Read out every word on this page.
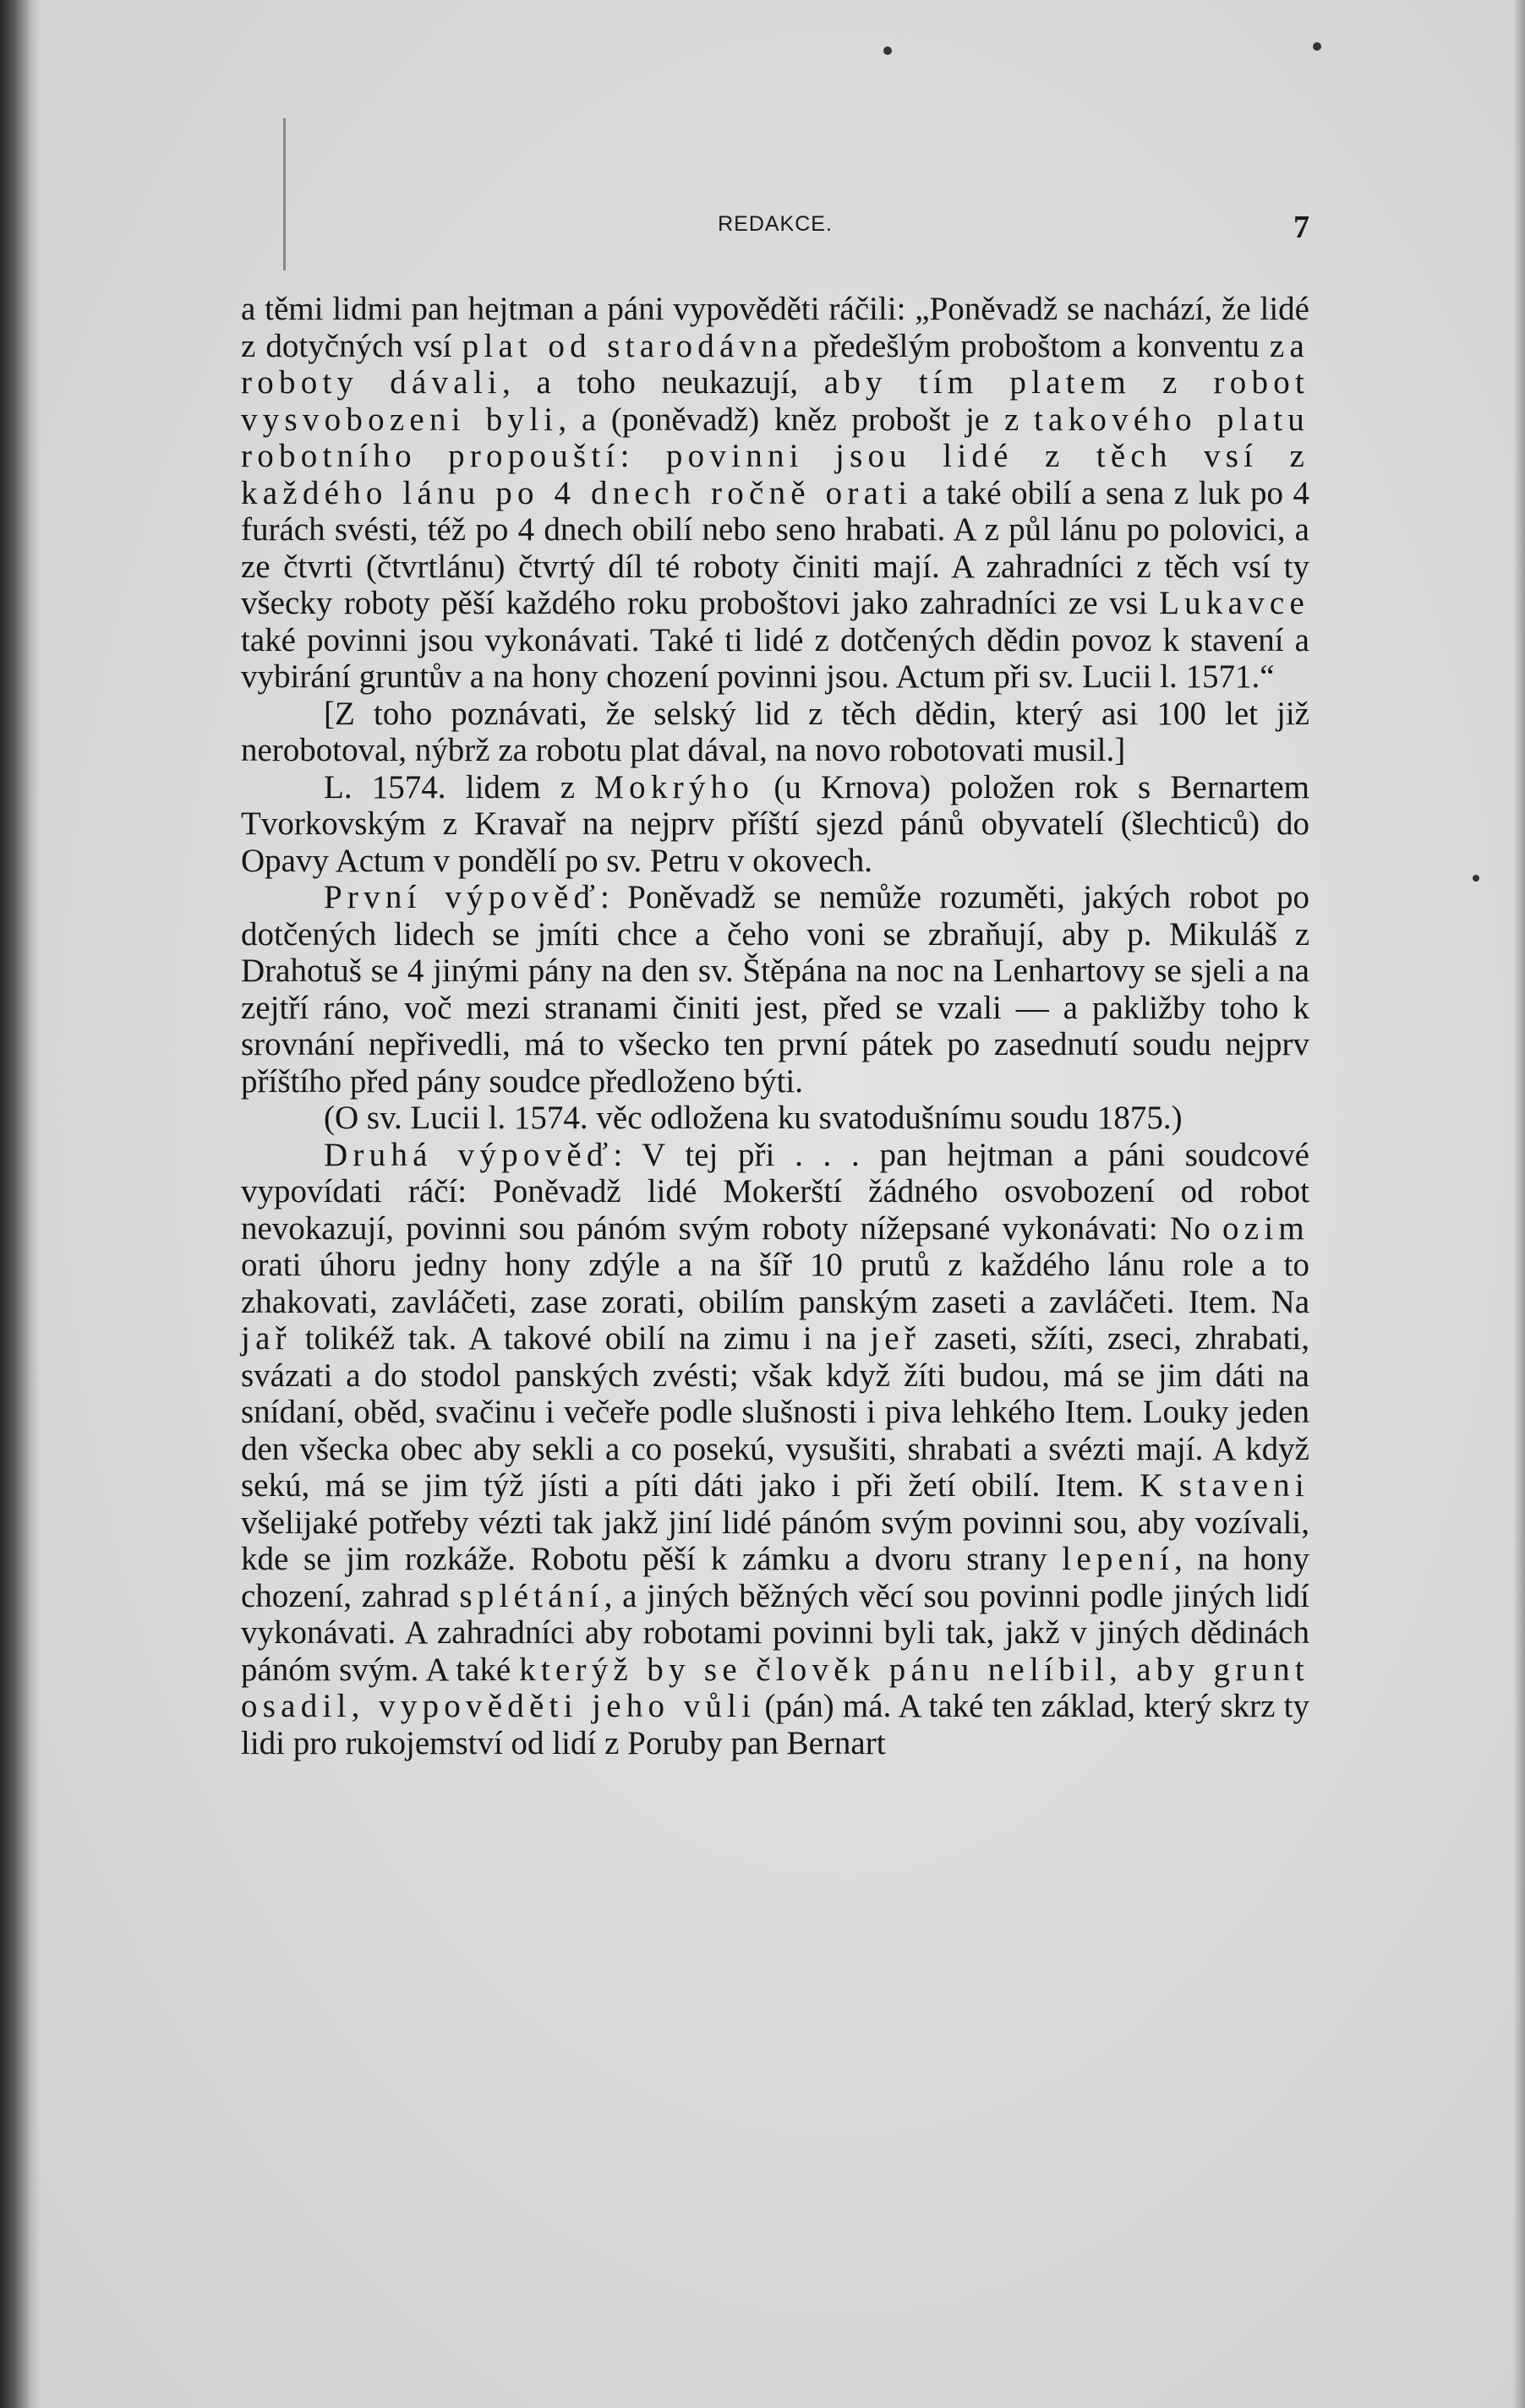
REDAKCE.	7

a těmi lidmi pan hejtman a páni vypověděti ráčili: „Poněvadž se nachází, že lidé z dotyčných vsí plat od starodávna předešlým proboštom a konventu za roboty dávali, a toho neukazují, aby tím platem z robot vysvobozeni byli, a (poněvadž) kněz probošt je z takového platu robotního propouští: povinni jsou lidé z těch vsí z každého lánu po 4 dnech ročně orati a také obilí a sena z luk po 4 furách svésti, též po 4 dnech obilí nebo seno hrabati. A z půl lánu po polovici, a ze čtvrti (čtvrtlánu) čtvrtý díl té roboty činiti mají. A zahradníci z těch vsí ty všecky roboty pěší každého roku proboštovi jako zahradníci ze vsi Lukavce také povinni jsou vykonávati. Také ti lidé z dotčených dědin povoz k stavení a vybirání gruntův a na hony chození povinni jsou. Actum při sv. Lucii l. 1571.“

[Z toho poznávati, že selský lid z těch dědin, který asi 100 let již nerobotoval, nýbrž za robotu plat dával, na novo robotovati musil.]

L. 1574. lidem z Mokrýho (u Krnova) položen rok s Bernartem Tvorkovským z Kravař na nejprv příští sjezd pánů obyvatelí (šlechticů) do Opavy Actum v pondělí po sv. Petru v okovech.

První výpověď: Poněvadž se nemůže rozuměti, jakých robot po dotčených lidech se jmíti chce a čeho voni se zbraňují, aby p. Mikuláš z Drahotuš se 4 jinými pány na den sv. Štěpána na noc na Lenhartovy se sjeli a na zejtří ráno, voč mezi stranami činiti jest, před se vzali — a pakližby toho k srovnání nepřivedli, má to všecko ten první pátek po zasednutí soudu nejprv příštího před pány soudce předloženo býti.

(O sv. Lucii l. 1574. věc odložena ku svatodušnímu soudu 1875.)

Druhá výpověď: V tej při . . . pan hejtman a páni soudcové vypovídati ráčí: Poněvadž lidé Mokerští žádného osvobození od robot nevokazují, povinni sou pánóm svým roboty nížepsané vykonávati: No ozim orati úhoru jedny hony zdýle a na šíř 10 prutů z každého lánu role a to zhakovati, zavláčeti, zase zorati, obilím panským zaseti a zavláčeti. Item. Na jař tolikéž tak. A takové obilí na zimu i na jeř zaseti, sžíti, zseci, zhrabati, svázati a do stodol panských zvésti; však když žíti budou, má se jim dáti na snídaní, oběd, svačinu i večeře podle slušnosti i piva lehkého Item. Louky jeden den všecka obec aby sekli a co posekú, vysušiti, shrabati a svézti mají. A když sekú, má se jim týž jísti a píti dáti jako i při žetí obilí. Item. K staveni všelijaké potřeby vézti tak jakž jiní lidé pánóm svým povinni sou, aby vozívali, kde se jim rozkáže. Robotu pěší k zámku a dvoru strany lepení, na hony chození, zahrad splétání, a jiných běžných věcí sou povinni podle jiných lidí vykonávati. A zahradníci aby robotami povinni byli tak, jakž v jiných dědinách pánóm svým. A také kterýž by se člověk pánu nelíbil, aby grunt osadil, vypověděti jeho vůli (pán) má. A také ten základ, který skrz ty lidi pro rukojemství od lidí z Poruby pan Bernart
